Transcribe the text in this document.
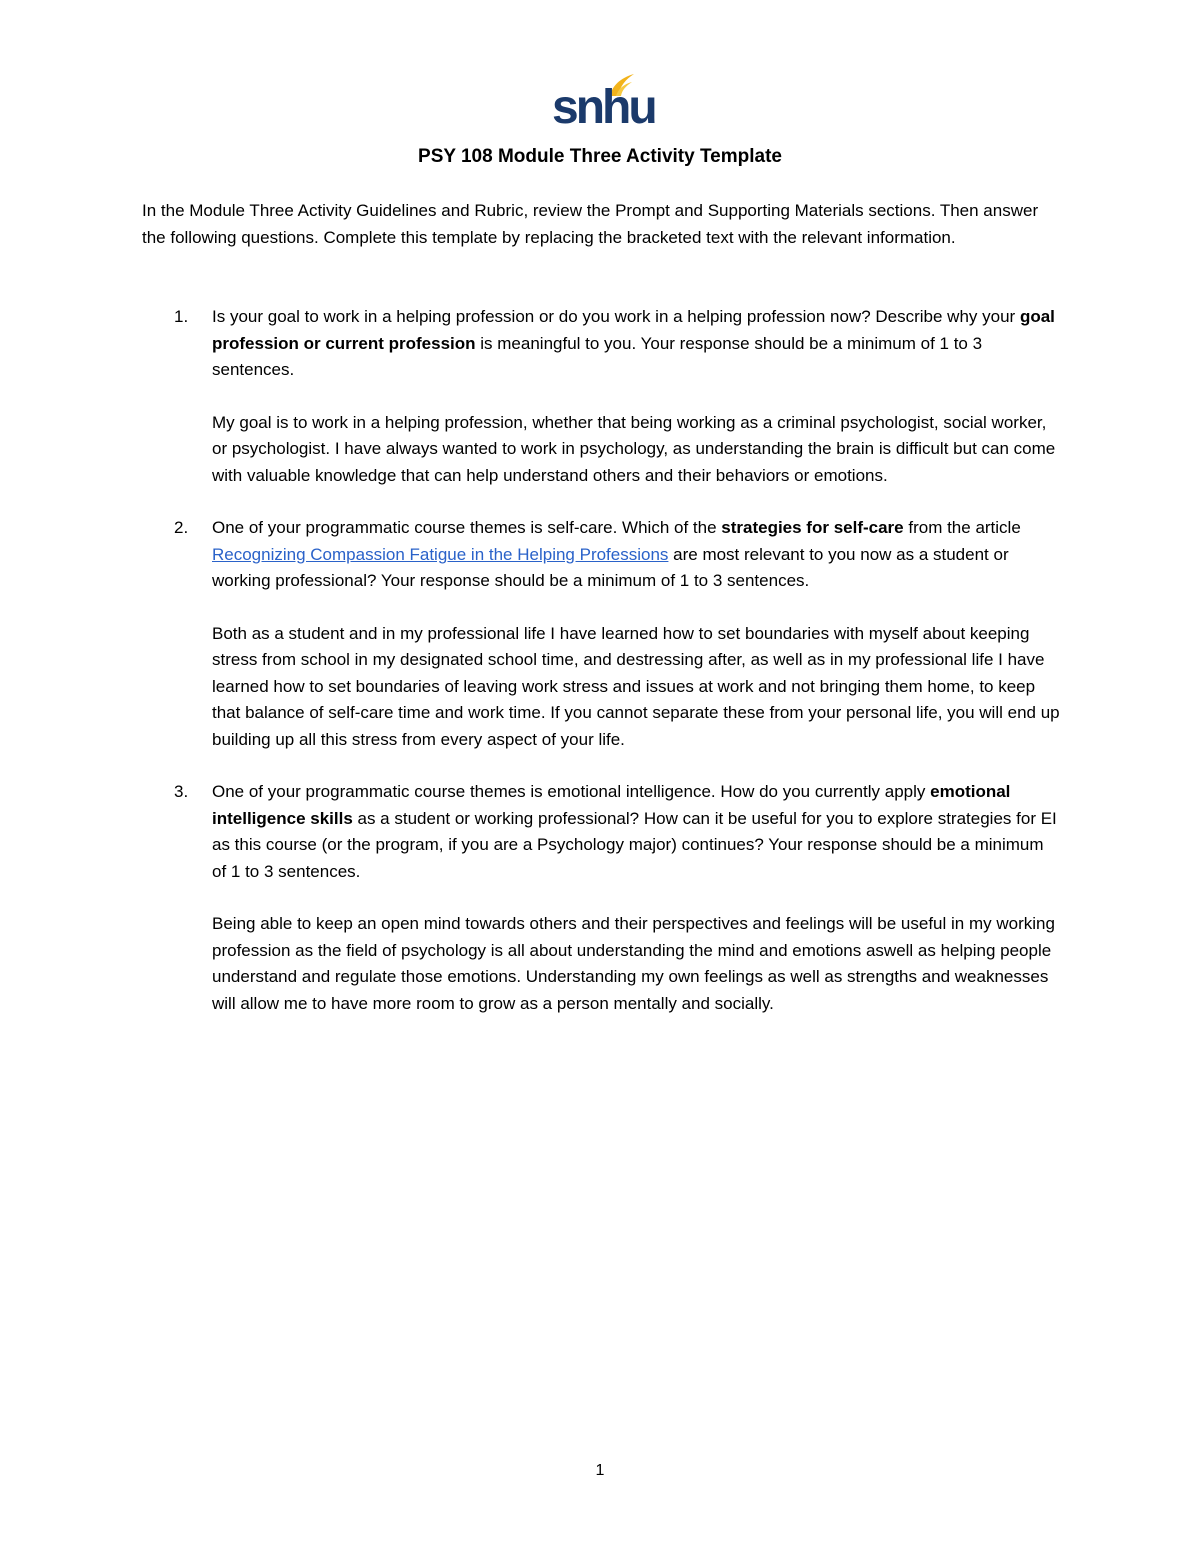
snhu
PSY 108 Module Three Activity Template

In the Module Three Activity Guidelines and Rubric, review the Prompt and Supporting Materials sections. Then answer the following questions. Complete this template by replacing the bracketed text with the relevant information.

1. Is your goal to work in a helping profession or do you work in a helping profession now? Describe why your goal profession or current profession is meaningful to you. Your response should be a minimum of 1 to 3 sentences.

My goal is to work in a helping profession, whether that being working as a criminal psychologist, social worker, or psychologist. I have always wanted to work in psychology, as understanding the brain is difficult but can come with valuable knowledge that can help understand others and their behaviors or emotions.

2. One of your programmatic course themes is self-care. Which of the strategies for self-care from the article Recognizing Compassion Fatigue in the Helping Professions are most relevant to you now as a student or working professional? Your response should be a minimum of 1 to 3 sentences.

Both as a student and in my professional life I have learned how to set boundaries with myself about keeping stress from school in my designated school time, and destressing after, as well as in my professional life I have learned how to set boundaries of leaving work stress and issues at work and not bringing them home, to keep that balance of self-care time and work time. If you cannot separate these from your personal life, you will end up building up all this stress from every aspect of your life.

3. One of your programmatic course themes is emotional intelligence. How do you currently apply emotional intelligence skills as a student or working professional? How can it be useful for you to explore strategies for EI as this course (or the program, if you are a Psychology major) continues? Your response should be a minimum of 1 to 3 sentences.

Being able to keep an open mind towards others and their perspectives and feelings will be useful in my working profession as the field of psychology is all about understanding the mind and emotions aswell as helping people understand and regulate those emotions. Understanding my own feelings as well as strengths and weaknesses will allow me to have more room to grow as a person mentally and socially.

1
